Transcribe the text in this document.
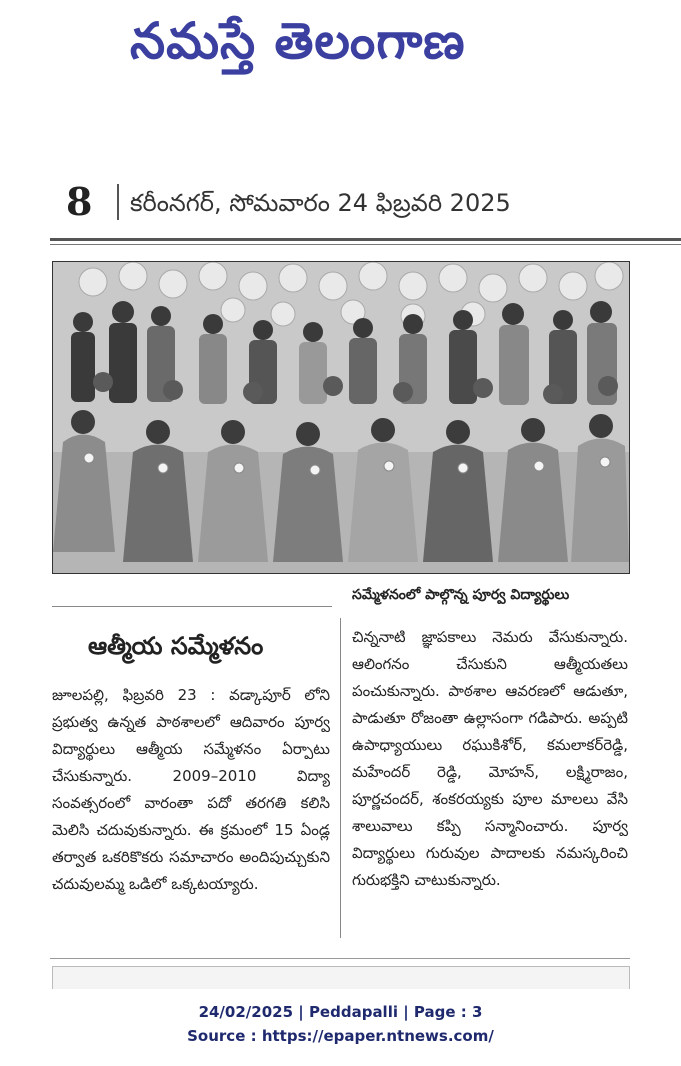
నమస్తే తెలంగాణ
8 కరీంనగర్, సోమవారం 24 ఫిబ్రవరి 2025
సమ్మేళనంలో పాల్గొన్న పూర్వ విద్యార్థులు
ఆత్మీయ సమ్మేళనం

జూలపల్లి, ఫిబ్రవరి 23 : వడ్కాపూర్ లోని ప్రభుత్వ ఉన్నత పాఠశాలలో ఆదివారం పూర్వ విద్యార్థులు ఆత్మీయ సమ్మేళనం ఏర్పాటు చేసుకున్నారు. 2009–2010 విద్యా సంవత్సరంలో వారంతా పదో తరగతి కలిసి మెలిసి చదువుకున్నారు. ఈ క్రమంలో 15 ఏండ్ల తర్వాత ఒకరికొకరు సమాచారం అందిపుచ్చుకుని చదువులమ్మ ఒడిలో ఒక్కటయ్యారు.

చిన్ననాటి జ్ఞాపకాలు నెమరు వేసుకున్నారు. ఆలింగనం చేసుకుని ఆత్మీయతలు పంచుకున్నారు. పాఠశాల ఆవరణలో ఆడుతూ, పాడుతూ రోజంతా ఉల్లాసంగా గడిపారు. అప్పటి ఉపాధ్యాయులు రఘుకిశోర్, కమలాకర్‌రెడ్డి, మహేందర్ రెడ్డి, మోహన్, లక్ష్మిరాజం, పూర్ణచందర్, శంకరయ్యకు పూల మాలలు వేసి శాలువాలు కప్పి సన్మానించారు. పూర్వ విద్యార్థులు గురువుల పాదాలకు నమస్కరించి గురుభక్తిని చాటుకున్నారు.

24/02/2025 | Peddapalli | Page : 3
Source : https://epaper.ntnews.com/
